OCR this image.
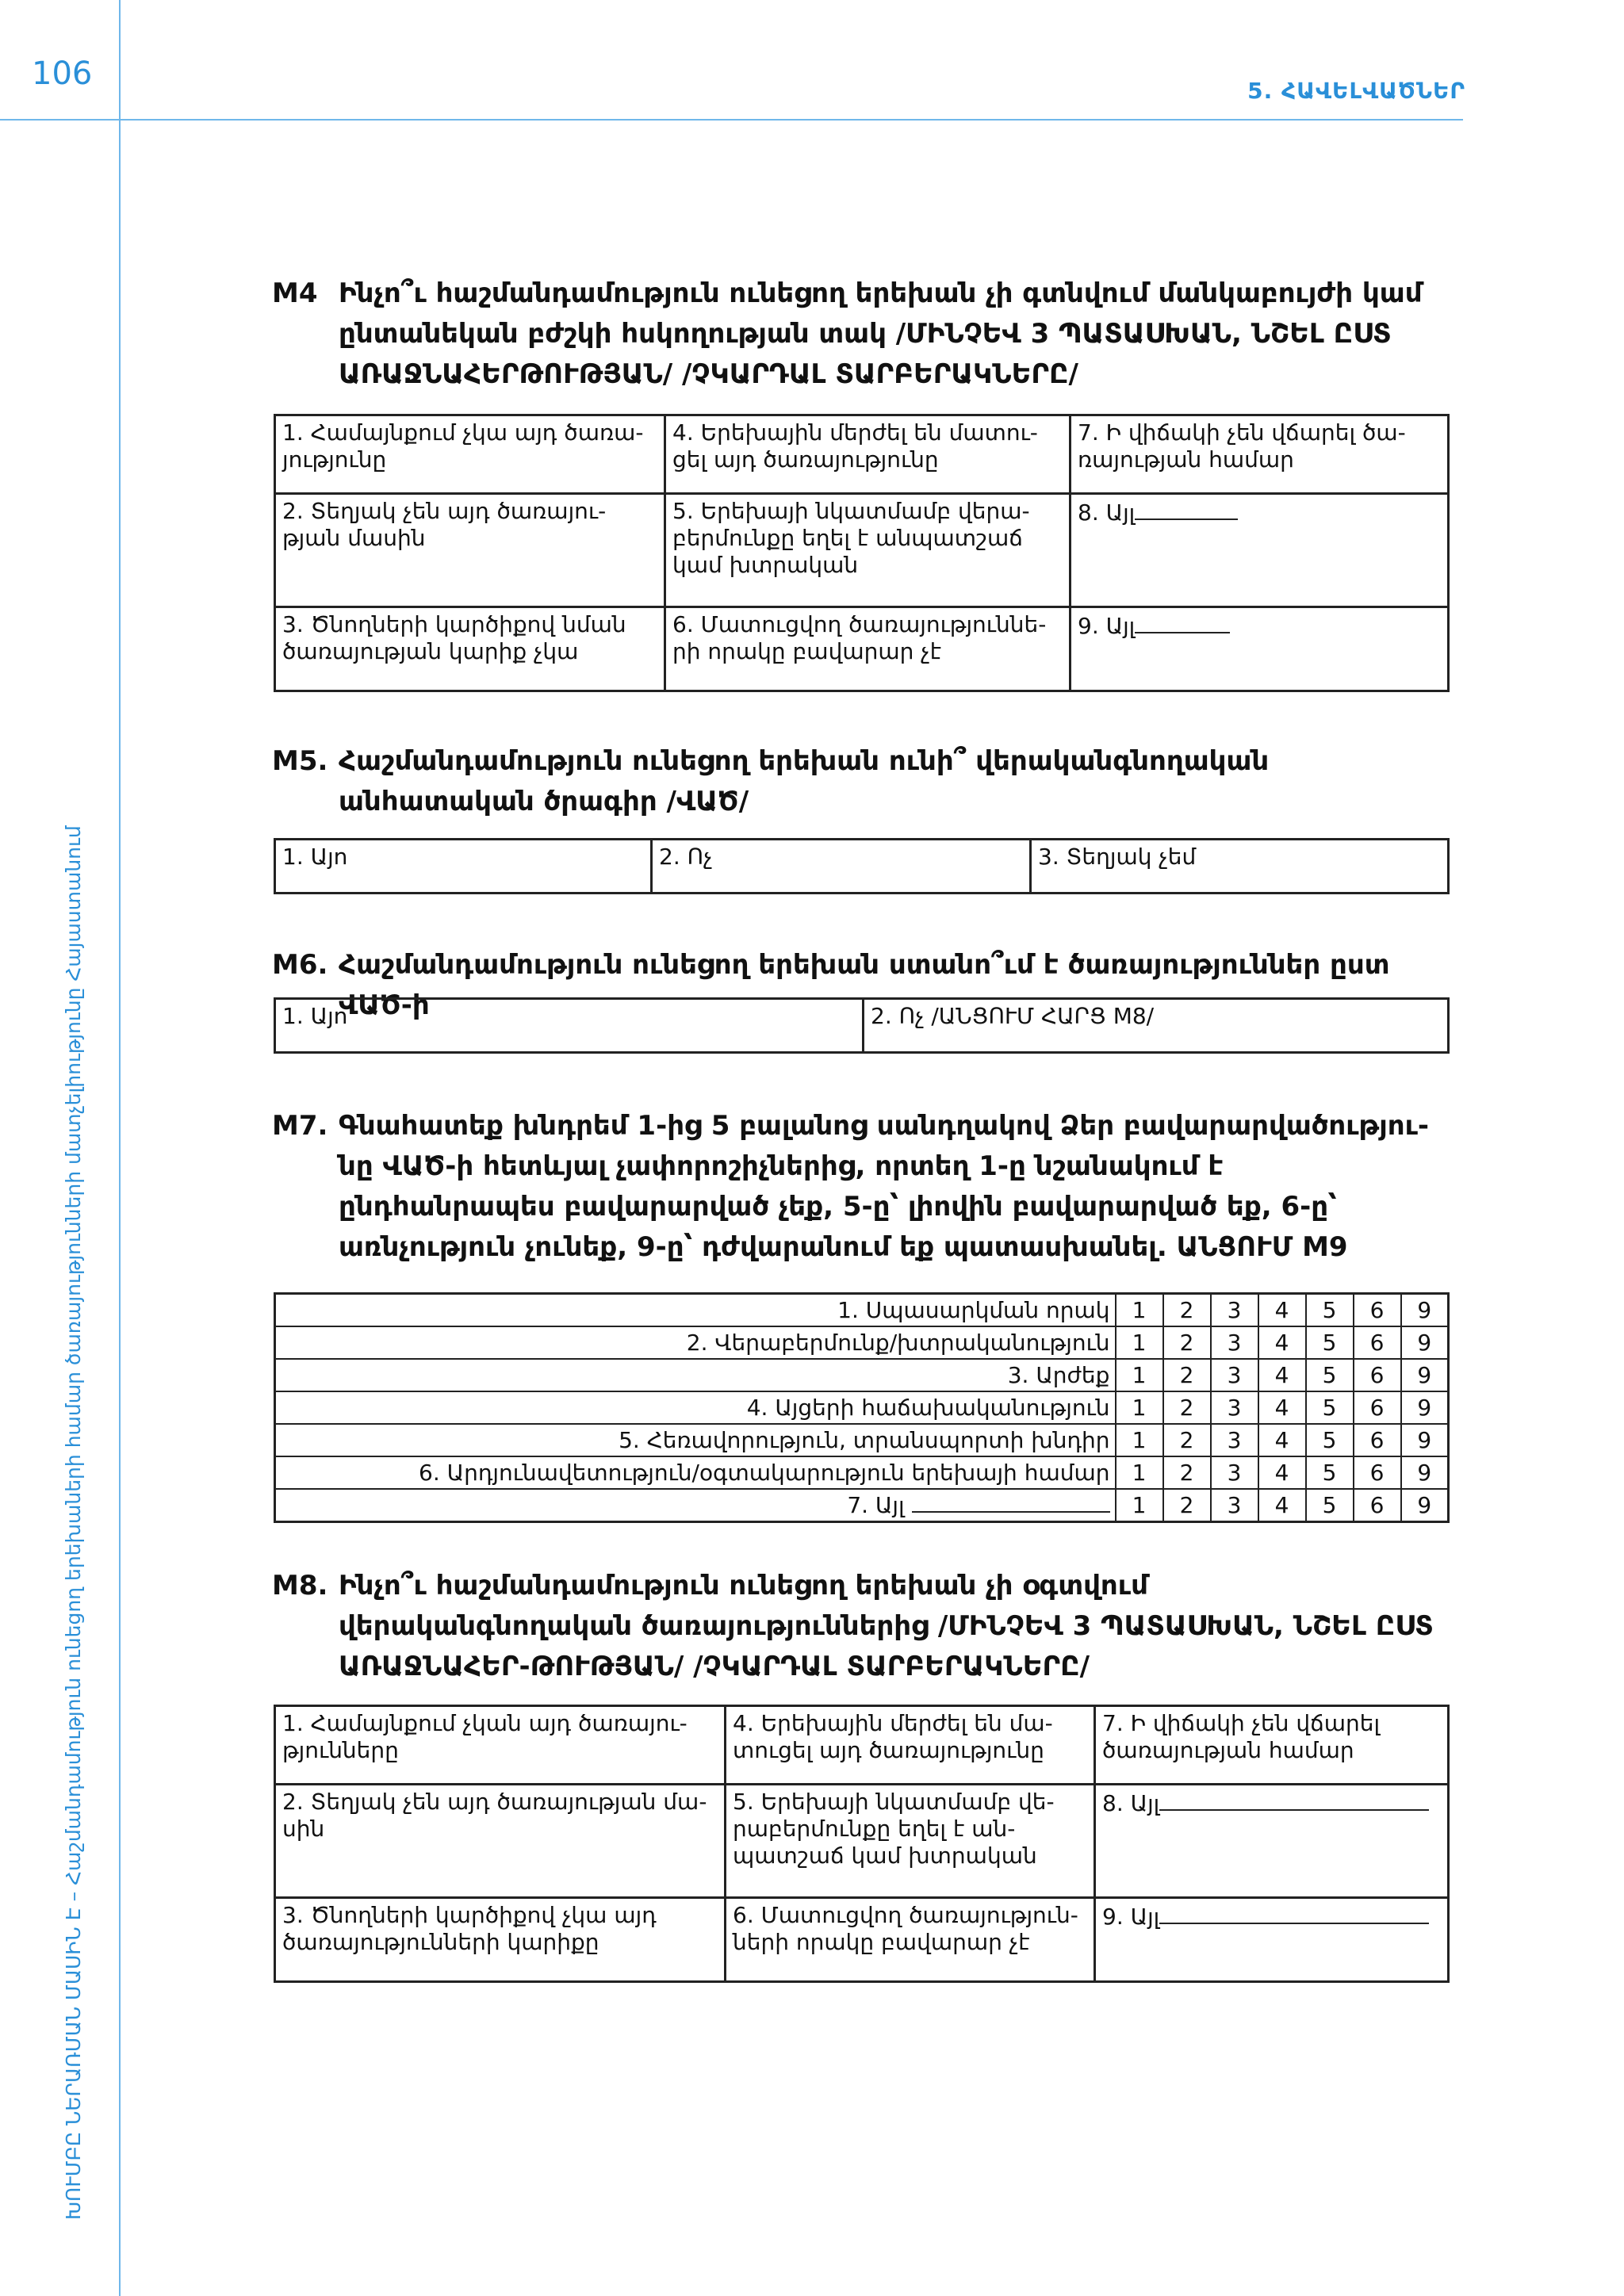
106	5. ՀԱՎԵԼՎԱԾՆԵՐ
ԽՈՒՄԲԸ ՆԵՐԱՌՄԱՆ ՄԱՍԻՆ Է – Հաշմանդամություն ունեցող երեխաների համար ծառայությունների մատչելիությունը Հայաստանում
M4 Ինչո՞ւ հաշմանդամություն ունեցող երեխան չի գտնվում մանկաբույժի կամ ընտանեկան բժշկի հսկողության տակ /ՄԻՆՉԵՎ 3 ՊԱՏԱՍԽԱՆ, ՆՇԵԼ ԸՍՏ ԱՌԱՋՆԱՀԵՐԹՈՒԹՅԱՆ/ /ՉԿԱՐԴԱԼ ՏԱՐԲԵՐԱԿՆԵՐԸ/
1. Համայնքում չկա այդ ծառա-յությունը	4. Երեխային մերժել են մատու-ցել այդ ծառայությունը	7. Ի վիճակի չեն վճարել ծա-ռայության համար
2. Տեղյակ չեն այդ ծառայու-թյան մասին	5. Երեխայի նկատմամբ վերա-բերմունքը եղել է անպատշաճ կամ խտրական	8. Այլ
3. Ծնողների կարծիքով նման ծառայության կարիք չկա	6. Մատուցվող ծառայություննե-րի որակը բավարար չէ	9. Այլ
M5. Հաշմանդամություն ունեցող երեխան ունի՞ վերականգնողական անհատական ծրագիր /ՎԱԾ/
1. Այո	2. Ոչ	3. Տեղյակ չեմ
M6. Հաշմանդամություն ունեցող երեխան ստանո՞ւմ է ծառայություններ ըստ ՎԱԾ-ի
1. Այո	2. Ոչ /ԱՆՑՈՒՄ ՀԱՐՑ M8/
M7. Գնահատեք խնդրեմ 1-ից 5 բալանոց սանդղակով Ձեր բավարարվածությու-նը ՎԱԾ-ի հետևյալ չափորոշիչներից, որտեղ 1-ը նշանակում է ընդհանրապես բավարարված չեք, 5-ը՝ լիովին բավարարված եք, 6-ը՝ առնչություն չունեք, 9-ը՝ դժվարանում եք պատասխանել. ԱՆՑՈՒՄ M9
1. Սպասարկման որակ	1	2	3	4	5	6	9
2. Վերաբերմունք/խտրականություն	1	2	3	4	5	6	9
3. Արժեք	1	2	3	4	5	6	9
4. Այցերի հաճախականություն	1	2	3	4	5	6	9
5. Հեռավորություն, տրանսպորտի խնդիր	1	2	3	4	5	6	9
6. Արդյունավետություն/օգտակարություն երեխայի համար	1	2	3	4	5	6	9
7. Այլ	1	2	3	4	5	6	9
M8. Ինչո՞ւ հաշմանդամություն ունեցող երեխան չի օգտվում վերականգնողական ծառայություններից /ՄԻՆՉԵՎ 3 ՊԱՏԱՍԽԱՆ, ՆՇԵԼ ԸՍՏ ԱՌԱՋՆԱՀԵՐ-ԹՈՒԹՅԱՆ/ /ՉԿԱՐԴԱԼ ՏԱՐԲԵՐԱԿՆԵՐԸ/
1. Համայնքում չկան այդ ծառայու-թյունները	4. Երեխային մերժել են մա-տուցել այդ ծառայությունը	7. Ի վիճակի չեն վճարել ծառայության համար
2. Տեղյակ չեն այդ ծառայության մա-սին	5. Երեխայի նկատմամբ վե-րաբերմունքը եղել է ան-պատշաճ կամ խտրական	8. Այլ
3. Ծնողների կարծիքով չկա այդ ծառայությունների կարիքը	6. Մատուցվող ծառայություն-ների որակը բավարար չէ	9. Այլ
